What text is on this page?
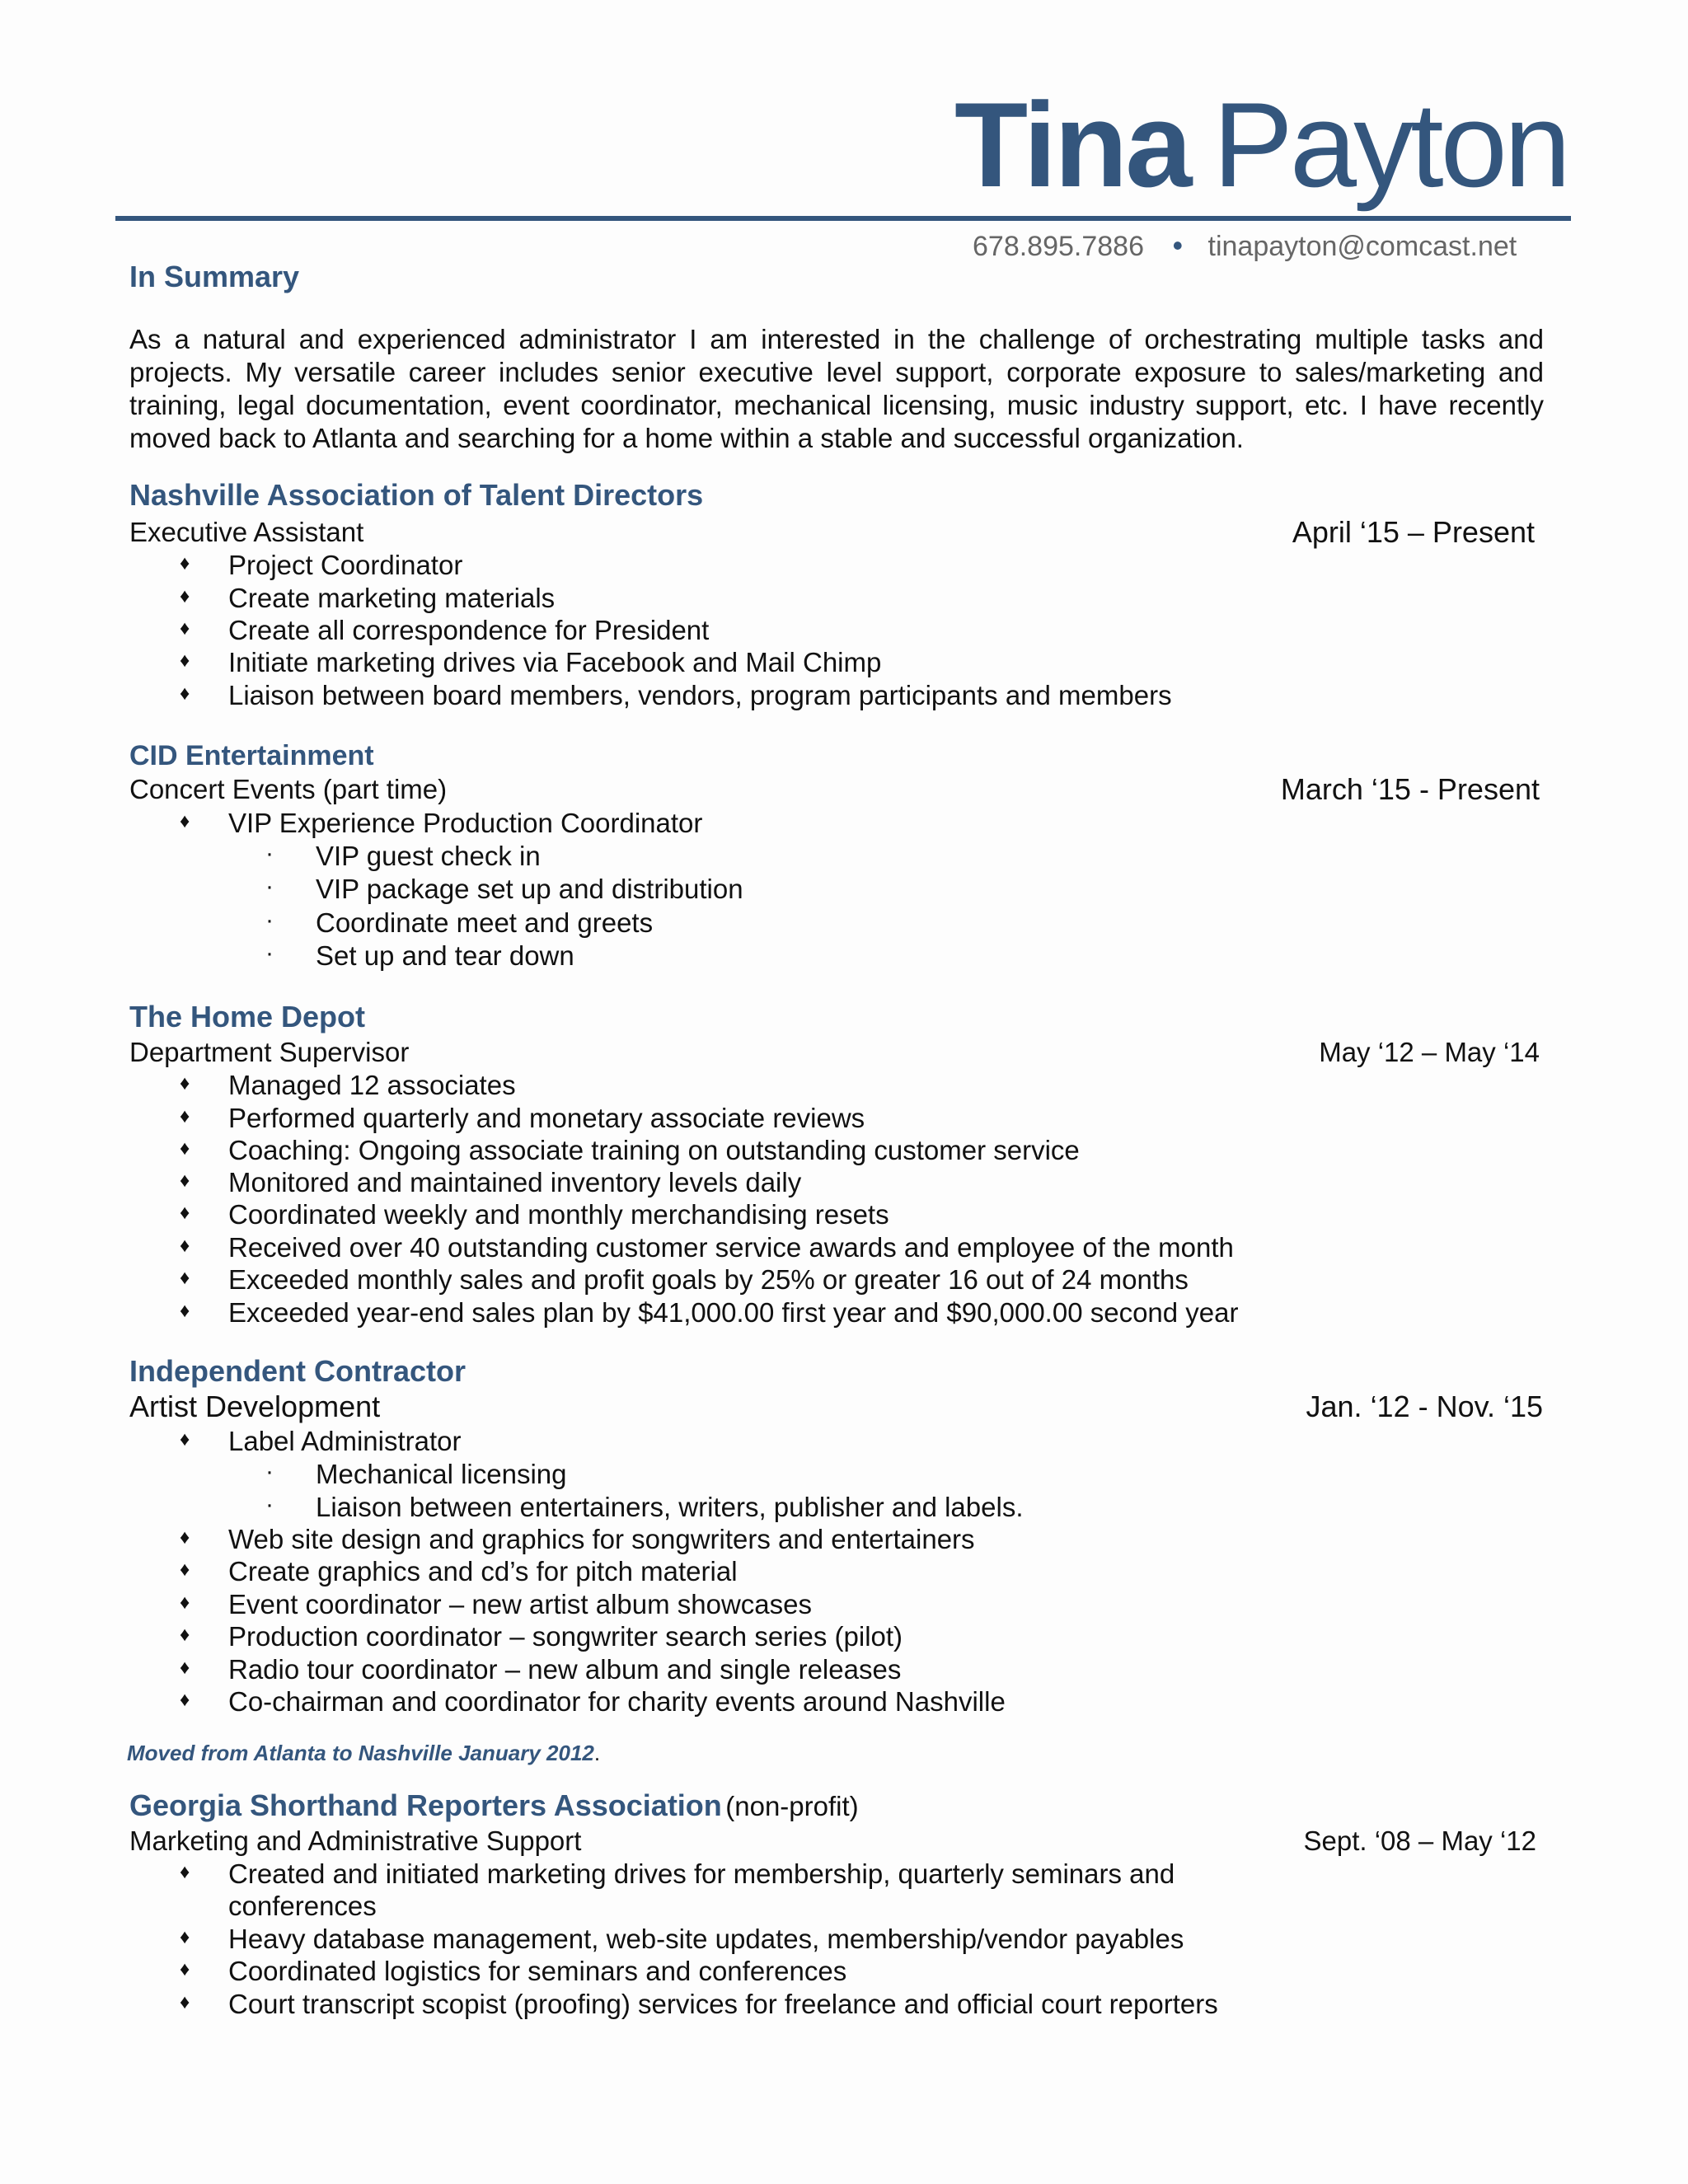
Tina Payton
678.895.7886 • tinapayton@comcast.net
In Summary
As a natural and experienced administrator I am interested in the challenge of orchestrating multiple tasks and projects. My versatile career includes senior executive level support, corporate exposure to sales/marketing and training, legal documentation, event coordinator, mechanical licensing, music industry support, etc. I have recently moved back to Atlanta and searching for a home within a stable and successful organization.
Nashville Association of Talent Directors
Executive Assistant	April ‘15 – Present
♦ Project Coordinator
♦ Create marketing materials
♦ Create all correspondence for President
♦ Initiate marketing drives via Facebook and Mail Chimp
♦ Liaison between board members, vendors, program participants and members
CID Entertainment
Concert Events (part time)	March ‘15 - Present
♦ VIP Experience Production Coordinator
· VIP guest check in
· VIP package set up and distribution
· Coordinate meet and greets
· Set up and tear down
The Home Depot
Department Supervisor	May ‘12 – May ‘14
♦ Managed 12 associates
♦ Performed quarterly and monetary associate reviews
♦ Coaching: Ongoing associate training on outstanding customer service
♦ Monitored and maintained inventory levels daily
♦ Coordinated weekly and monthly merchandising resets
♦ Received over 40 outstanding customer service awards and employee of the month
♦ Exceeded monthly sales and profit goals by 25% or greater 16 out of 24 months
♦ Exceeded year-end sales plan by $41,000.00 first year and $90,000.00 second year
Independent Contractor
Artist Development	Jan. ‘12 - Nov. ‘15
♦ Label Administrator
· Mechanical licensing
· Liaison between entertainers, writers, publisher and labels.
♦ Web site design and graphics for songwriters and entertainers
♦ Create graphics and cd’s for pitch material
♦ Event coordinator – new artist album showcases
♦ Production coordinator – songwriter search series (pilot)
♦ Radio tour coordinator – new album and single releases
♦ Co-chairman and coordinator for charity events around Nashville
Moved from Atlanta to Nashville January 2012.
Georgia Shorthand Reporters Association (non-profit)
Marketing and Administrative Support	Sept. ‘08 – May ‘12
♦ Created and initiated marketing drives for membership, quarterly seminars and
conferences
♦ Heavy database management, web-site updates, membership/vendor payables
♦ Coordinated logistics for seminars and conferences
♦ Court transcript scopist (proofing) services for freelance and official court reporters
